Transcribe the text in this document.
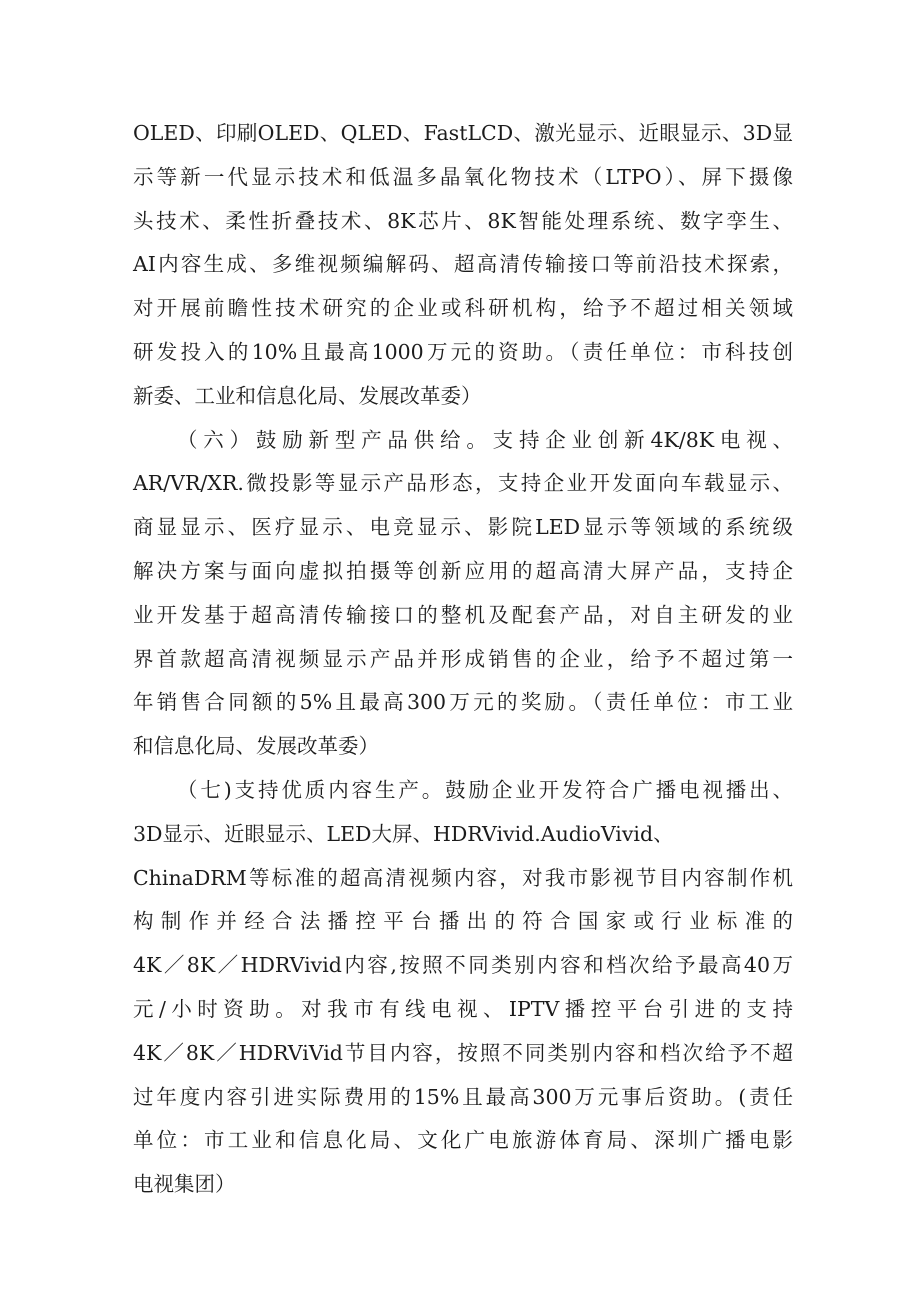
OLED、印刷OLED、QLED、FastLCD、激光显示、近眼显示、3D显
示等新一代显示技术和低温多晶氧化物技术（LTPO）、屏下摄像
头技术、柔性折叠技术、8K芯片、8K智能处理系统、数字孪生、
AI内容生成、多维视频编解码、超高清传输接口等前沿技术探索，
对开展前瞻性技术研究的企业或科研机构，给予不超过相关领域
研发投入的10%且最高1000万元的资助。（责任单位：市科技创
新委、工业和信息化局、发展改革委）
（六）鼓励新型产品供给。支持企业创新4K/8K电视、
AR/VR/XR.微投影等显示产品形态，支持企业开发面向车载显示、
商显显示、医疗显示、电竞显示、影院LED显示等领域的系统级
解决方案与面向虚拟拍摄等创新应用的超高清大屏产品，支持企
业开发基于超高清传输接口的整机及配套产品，对自主研发的业
界首款超高清视频显示产品并形成销售的企业，给予不超过第一
年销售合同额的5%且最高300万元的奖励。（责任单位：市工业
和信息化局、发展改革委）
（七)支持优质内容生产。鼓励企业开发符合广播电视播出、
3D显示、近眼显示、LED大屏、HDRVivid.AudioVivid、
ChinaDRM等标准的超高清视频内容，对我市影视节目内容制作机
构制作并经合法播控平台播出的符合国家或行业标准的
4K／8K／HDRVivid内容,按照不同类别内容和档次给予最高40万
元/小时资助。对我市有线电视、IPTV播控平台引进的支持
4K／8K／HDRViVid节目内容，按照不同类别内容和档次给予不超
过年度内容引进实际费用的15%且最高300万元事后资助。(责任
单位：市工业和信息化局、文化广电旅游体育局、深圳广播电影
电视集团）
